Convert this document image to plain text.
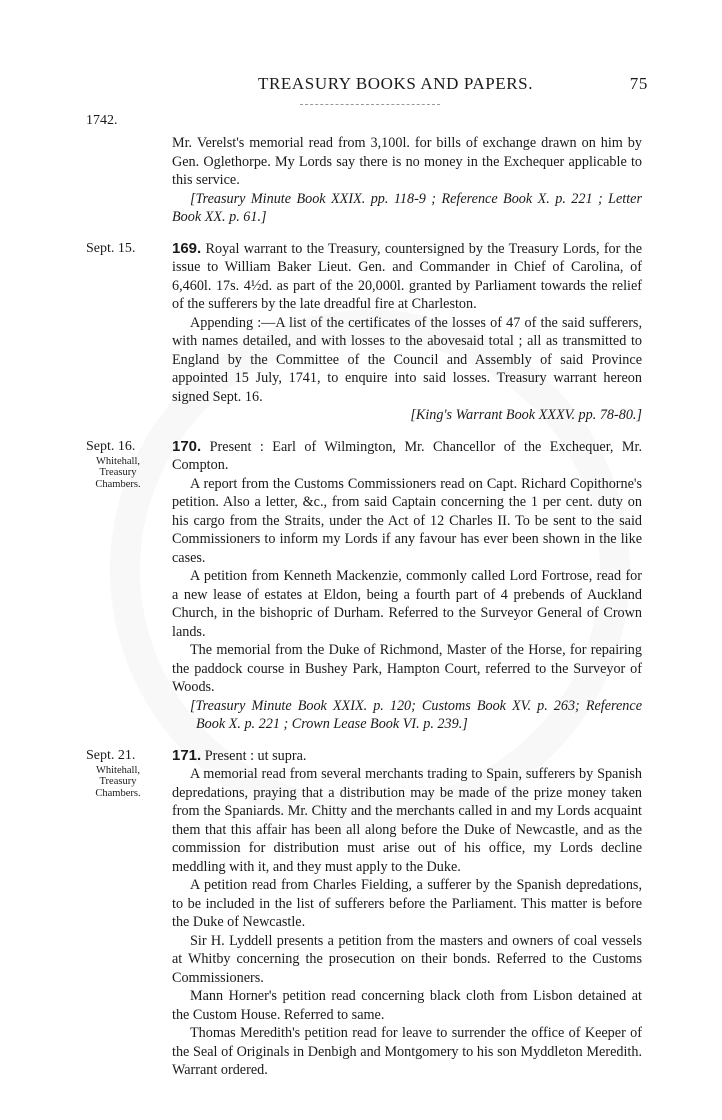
TREASURY BOOKS AND PAPERS.	75
1742.

Mr. Verelst's memorial read from 3,100l. for bills of exchange drawn on him by Gen. Oglethorpe. My Lords say there is no money in the Exchequer applicable to this service.

[Treasury Minute Book XXIX. pp. 118-9 ; Reference Book X. p. 221 ; Letter Book XX. p. 61.]

Sept. 15.	169. Royal warrant to the Treasury, countersigned by the Treasury Lords, for the issue to William Baker Lieut. Gen. and Commander in Chief of Carolina, of 6,460l. 17s. 4½d. as part of the 20,000l. granted by Parliament towards the relief of the sufferers by the late dreadful fire at Charleston.

Appending :—A list of the certificates of the losses of 47 of the said sufferers, with names detailed, and with losses to the abovesaid total ; all as transmitted to England by the Committee of the Council and Assembly of said Province appointed 15 July, 1741, to enquire into said losses. Treasury warrant hereon signed Sept. 16.

[King's Warrant Book XXXV. pp. 78-80.]

Sept. 16.
Whitehall, Treasury Chambers.

170. Present : Earl of Wilmington, Mr. Chancellor of the Exchequer, Mr. Compton.

A report from the Customs Commissioners read on Capt. Richard Copithorne's petition. Also a letter, &c., from said Captain concerning the 1 per cent. duty on his cargo from the Straits, under the Act of 12 Charles II. To be sent to the said Commissioners to inform my Lords if any favour has ever been shown in the like cases.

A petition from Kenneth Mackenzie, commonly called Lord Fortrose, read for a new lease of estates at Eldon, being a fourth part of 4 prebends of Auckland Church, in the bishopric of Durham. Referred to the Surveyor General of Crown lands.

The memorial from the Duke of Richmond, Master of the Horse, for repairing the paddock course in Bushey Park, Hampton Court, referred to the Surveyor of Woods.

[Treasury Minute Book XXIX. p. 120; Customs Book XV. p. 263; Reference Book X. p. 221 ; Crown Lease Book VI. p. 239.]

Sept. 21.
Whitehall, Treasury Chambers.

171. Present : ut supra.

A memorial read from several merchants trading to Spain, sufferers by Spanish depredations, praying that a distribution may be made of the prize money taken from the Spaniards. Mr. Chitty and the merchants called in and my Lords acquaint them that this affair has been all along before the Duke of Newcastle, and as the commission for distribution must arise out of his office, my Lords decline meddling with it, and they must apply to the Duke.

A petition read from Charles Fielding, a sufferer by the Spanish depredations, to be included in the list of sufferers before the Parliament. This matter is before the Duke of Newcastle.

Sir H. Lyddell presents a petition from the masters and owners of coal vessels at Whitby concerning the prosecution on their bonds. Referred to the Customs Commissioners.

Mann Horner's petition read concerning black cloth from Lisbon detained at the Custom House. Referred to same.

Thomas Meredith's petition read for leave to surrender the office of Keeper of the Seal of Originals in Denbigh and Montgomery to his son Myddleton Meredith. Warrant ordered.
